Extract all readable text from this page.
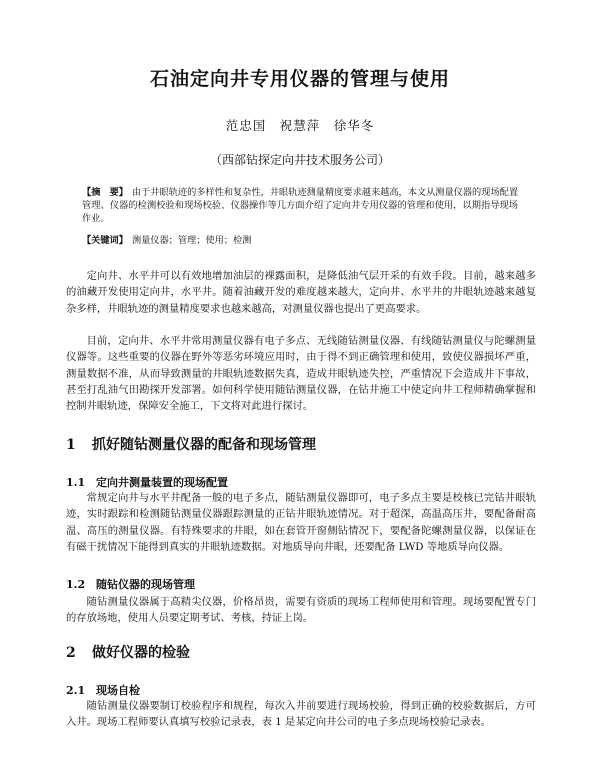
石油定向井专用仪器的管理与使用
范忠国　祝慧萍　徐华冬
（西部钻探定向井技术服务公司）
【摘　要】 由于井眼轨迹的多样性和复杂性，井眼轨迹测量精度要求越来越高，本文从测量仪器的现场配置管理、仪器的检测校验和现场校验、仪器操作等几方面介绍了定向井专用仪器的管理和使用，以期指导现场作业。
【关键词】 测量仪器；管理；使用；检测

定向井、水平井可以有效地增加油层的裸露面积，是降低油气层开采的有效手段。目前，越来越多的油藏开发使用定向井，水平井。随着油藏开发的难度越来越大，定向井、水平井的井眼轨迹越来越复杂多样，井眼轨迹的测量精度要求也越来越高，对测量仪器也提出了更高要求。

目前，定向井、水平井常用测量仪器有电子多点、无线随钻测量仪器、有线随钻测量仪与陀螺测量仪器等。这些重要的仪器在野外等恶劣环境应用时，由于得不到正确管理和使用，致使仪器损坏严重，测量数据不准，从而导致测量的井眼轨迹数据失真，造成井眼轨迹失控，严重情况下会造成井下事故，甚至打乱油气田勘探开发部署。如何科学使用随钻测量仪器，在钻井施工中使定向井工程师精确掌握和控制井眼轨迹，保障安全施工，下文将对此进行探讨。

1 抓好随钻测量仪器的配备和现场管理
1.1 定向井测量装置的现场配置

常规定向井与水平井配备一般的电子多点，随钻测量仪器即可，电子多点主要是校核已完钻井眼轨迹，实时跟踪和检测随钻测量仪器跟踪测量的正钻井眼轨迹情况。对于超深，高温高压井，要配备耐高温、高压的测量仪器。有特殊要求的井眼，如在套管开窗侧钻情况下，要配备陀螺测量仪器，以保证在有磁干扰情况下能得到真实的井眼轨迹数据。对地质导向井眼，还要配备 LWD 等地质导向仪器。

1.2 随钻仪器的现场管理

随钻测量仪器属于高精尖仪器，价格昂贵，需要有资质的现场工程师使用和管理。现场要配置专门的存放场地，使用人员要定期考试、考核，持证上岗。

2 做好仪器的检验
2.1 现场自检

随钻测量仪器要制订校验程序和规程，每次入井前要进行现场校验，得到正确的校验数据后，方可入井。现场工程师要认真填写校验记录表，表 1 是某定向井公司的电子多点现场校验记录表。
